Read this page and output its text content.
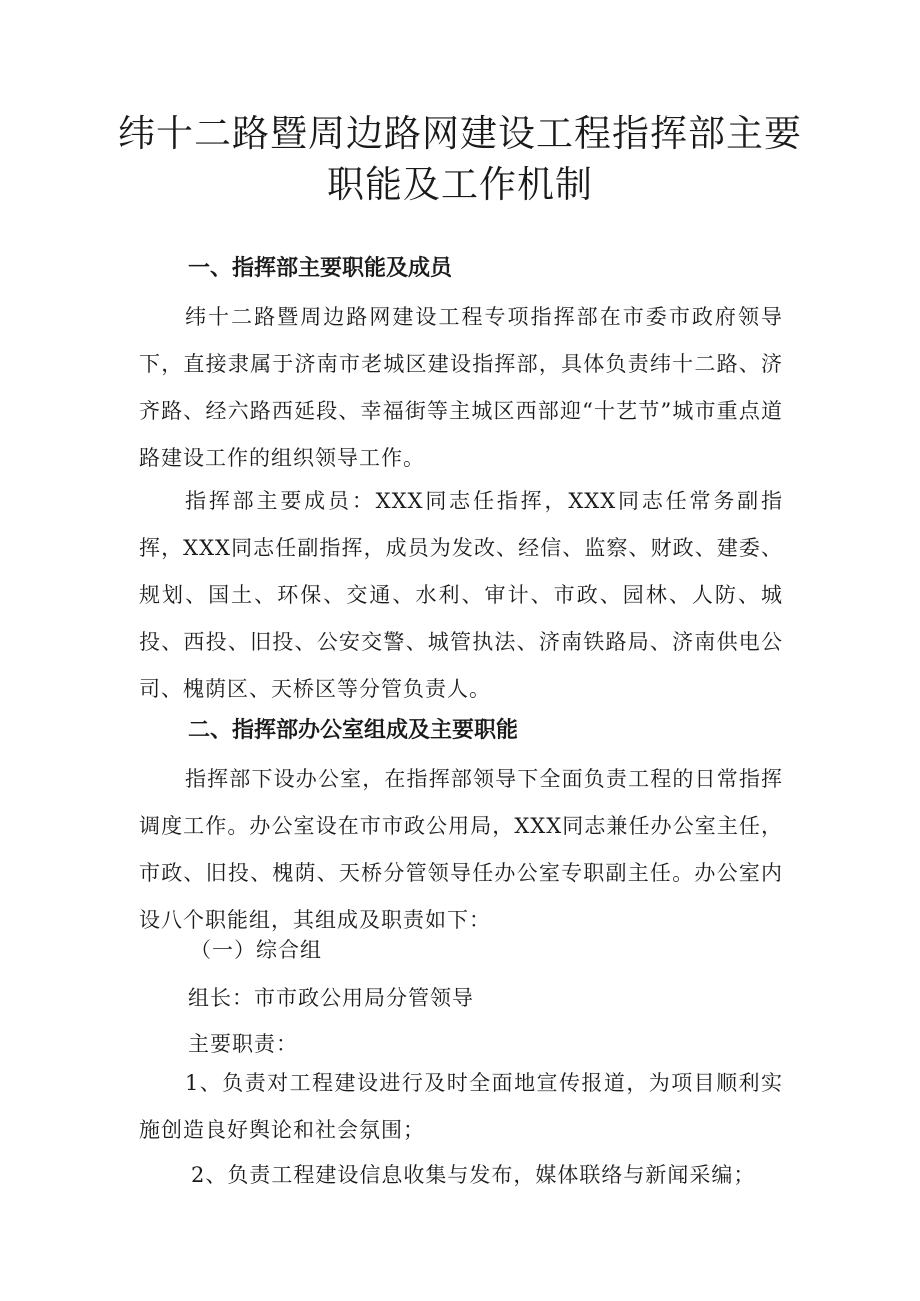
纬十二路暨周边路网建设工程指挥部主要
职能及工作机制
一、指挥部主要职能及成员

纬十二路暨周边路网建设工程专项指挥部在市委市政府领导下，直接隶属于济南市老城区建设指挥部，具体负责纬十二路、济齐路、经六路西延段、幸福街等主城区西部迎“十艺节”城市重点道路建设工作的组织领导工作。

指挥部主要成员：XXX同志任指挥，XXX同志任常务副指挥，XXX同志任副指挥，成员为发改、经信、监察、财政、建委、规划、国土、环保、交通、水利、审计、市政、园林、人防、城投、西投、旧投、公安交警、城管执法、济南铁路局、济南供电公司、槐荫区、天桥区等分管负责人。

二、指挥部办公室组成及主要职能

指挥部下设办公室，在指挥部领导下全面负责工程的日常指挥调度工作。办公室设在市市政公用局，XXX同志兼任办公室主任，市政、旧投、槐荫、天桥分管领导任办公室专职副主任。办公室内设八个职能组，其组成及职责如下：

（一）综合组

组长：市市政公用局分管领导

主要职责：

1、负责对工程建设进行及时全面地宣传报道，为项目顺利实施创造良好舆论和社会氛围；

2、负责工程建设信息收集与发布，媒体联络与新闻采编；
